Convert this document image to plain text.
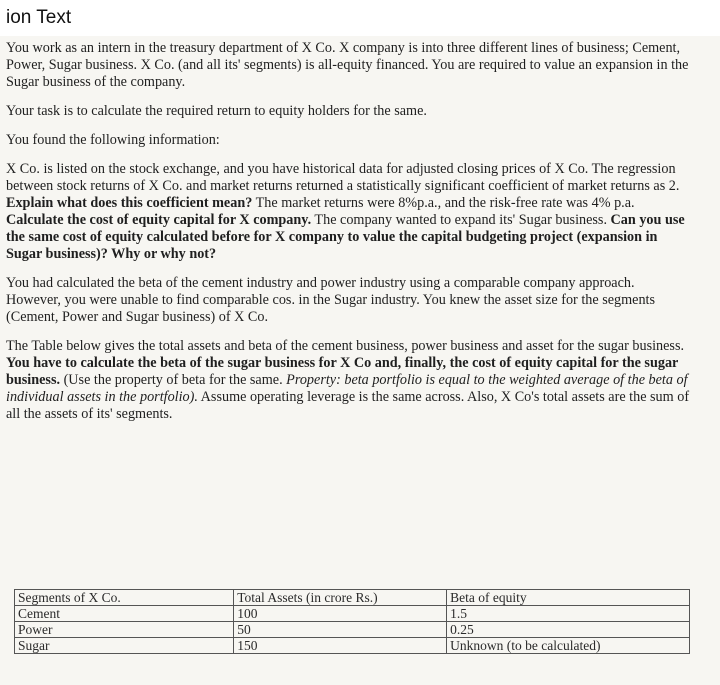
ion Text

You work as an intern in the treasury department of X Co. X company is into three different lines of business; Cement, Power, Sugar business. X Co. (and all its' segments) is all-equity financed. You are required to value an expansion in the Sugar business of the company.

Your task is to calculate the required return to equity holders for the same.

You found the following information:

X Co. is listed on the stock exchange, and you have historical data for adjusted closing prices of X Co. The regression between stock returns of X Co. and market returns returned a statistically significant coefficient of market returns as 2. Explain what does this coefficient mean? The market returns were 8%p.a., and the risk-free rate was 4% p.a. Calculate the cost of equity capital for X company. The company wanted to expand its' Sugar business. Can you use the same cost of equity calculated before for X company to value the capital budgeting project (expansion in Sugar business)? Why or why not?

You had calculated the beta of the cement industry and power industry using a comparable company approach. However, you were unable to find comparable cos. in the Sugar industry. You knew the asset size for the segments (Cement, Power and Sugar business) of X Co.

The Table below gives the total assets and beta of the cement business, power business and asset for the sugar business. You have to calculate the beta of the sugar business for X Co and, finally, the cost of equity capital for the sugar business. (Use the property of beta for the same. Property: beta portfolio is equal to the weighted average of the beta of individual assets in the portfolio). Assume operating leverage is the same across. Also, X Co's total assets are the sum of all the assets of its' segments.

Segments of X Co.	Total Assets (in crore Rs.)	Beta of equity
Cement	100	1.5
Power	50	0.25
Sugar	150	Unknown (to be calculated)
